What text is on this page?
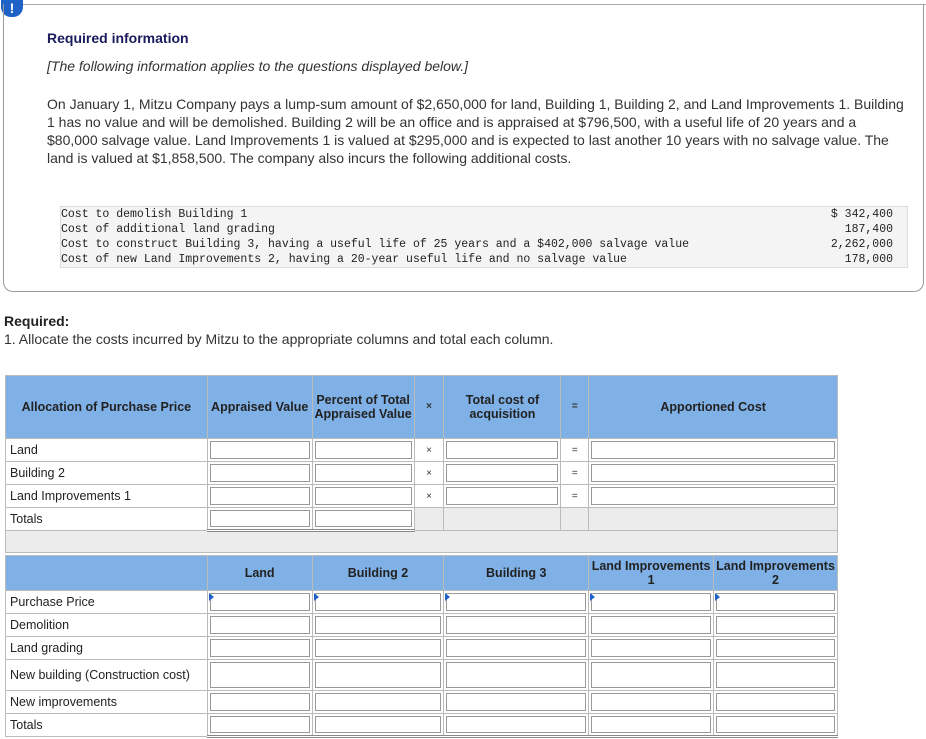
!
Required information
[The following information applies to the questions displayed below.]
On January 1, Mitzu Company pays a lump-sum amount of $2,650,000 for land, Building 1, Building 2, and Land Improvements 1. Building 1 has no value and will be demolished. Building 2 will be an office and is appraised at $796,500, with a useful life of 20 years and a $80,000 salvage value. Land Improvements 1 is valued at $295,000 and is expected to last another 10 years with no salvage value. The land is valued at $1,858,500. The company also incurs the following additional costs.
Cost to demolish Building 1	$ 342,400
Cost of additional land grading	187,400
Cost to construct Building 3, having a useful life of 25 years and a $402,000 salvage value	2,262,000
Cost of new Land Improvements 2, having a 20-year useful life and no salvage value	178,000
Required:
1. Allocate the costs incurred by Mitzu to the appropriate columns and total each column.
Allocation of Purchase Price	Appraised Value	Percent of Total Appraised Value	×	Total cost of acquisition	=	Apportioned Cost
Land			×		=	

Building 2			×		=	

Land Improvements 1			×		=	

Totals	

	Land	Building 2	Building 3	Land Improvements 1	Land Improvements 2
Purchase Price	

Demolition	

Land grading	

New building (Construction cost)	

New improvements	

Totals	
